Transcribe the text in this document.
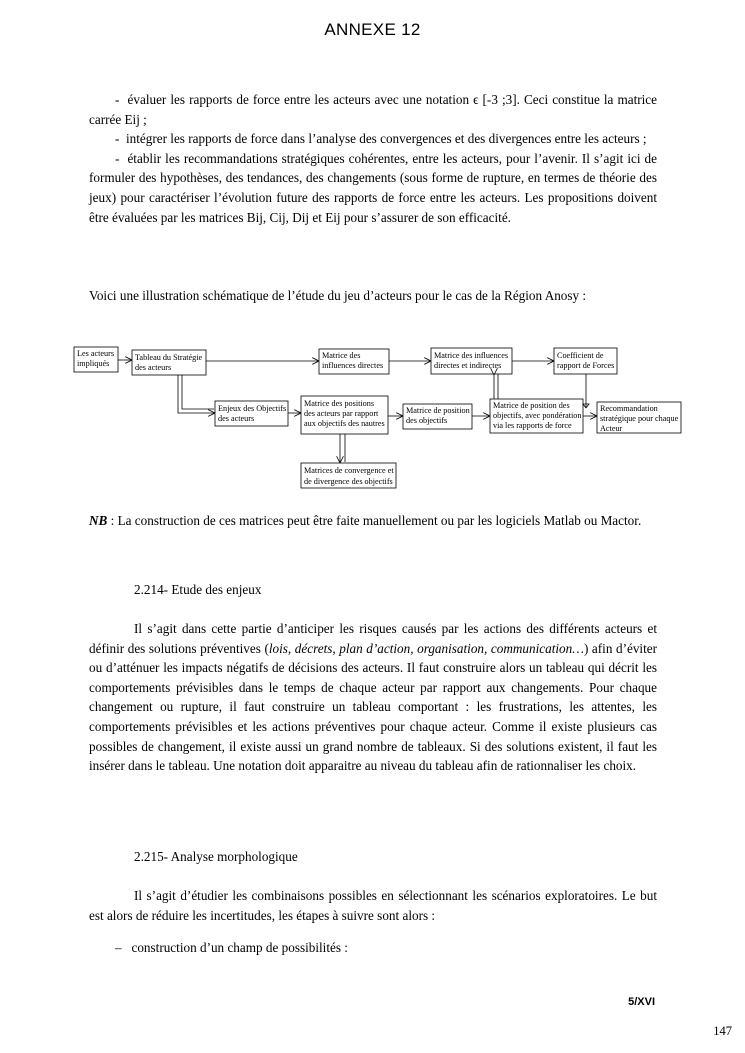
ANNEXE 12

-  évaluer les rapports de force entre les acteurs avec une notation ϵ [-3 ;3]. Ceci constitue la matrice carrée Eij ;

-  intégrer les rapports de force dans l’analyse des convergences et des divergences entre les acteurs ;

-  établir les recommandations stratégiques cohérentes, entre les acteurs, pour l’avenir. Il s’agit ici de formuler des hypothèses, des tendances, des changements (sous forme de rupture, en termes de théorie des jeux) pour caractériser l’évolution future des rapports de force entre les acteurs. Les propositions doivent être évaluées par les matrices Bij, Cij, Dij et Eij pour s’assurer de son efficacité.

Voici une illustration schématique de l’étude du jeu d’acteurs pour le cas de la Région Anosy :

Les acteurs
impliqués
Tableau du Stratégie
des acteurs
Matrice des
influences directes
Matrice des influences
directes et indirectes
Coefficient de
rapport de Forces
Enjeux des Objectifs
des acteurs
Matrice des positions
des acteurs par rapport
aux objectifs des nautres
Matrice de position
des objectifs
Matrice de position des
objectifs, avec pondération
via les rapports de force
Recommandation
stratégique pour chaque
Acteur
Matrices de convergence et
de divergence des objectifs

NB : La construction de ces matrices peut être faite manuellement ou par les logiciels Matlab ou Mactor.

2.214- Etude des enjeux

Il s’agit dans cette partie d’anticiper les risques causés par les actions des différents acteurs et définir des solutions préventives (lois, décrets, plan d’action, organisation, communication…) afin d’éviter ou d’atténuer les impacts négatifs de décisions des acteurs. Il faut construire alors un tableau qui décrit les comportements prévisibles dans le temps de chaque acteur par rapport aux changements. Pour chaque changement ou rupture, il faut construire un tableau comportant : les frustrations, les attentes, les comportements prévisibles et les actions préventives pour chaque acteur. Comme il existe plusieurs cas possibles de changement, il existe aussi un grand nombre de tableaux. Si des solutions existent, il faut les insérer dans le tableau. Une notation doit apparaitre au niveau du tableau afin de rationnaliser les choix.

2.215- Analyse morphologique

Il s’agit d’étudier les combinaisons possibles en sélectionnant les scénarios exploratoires. Le but est alors de réduire les incertitudes, les étapes à suivre sont alors :

–   construction d’un champ de possibilités :

5/XVI
147
